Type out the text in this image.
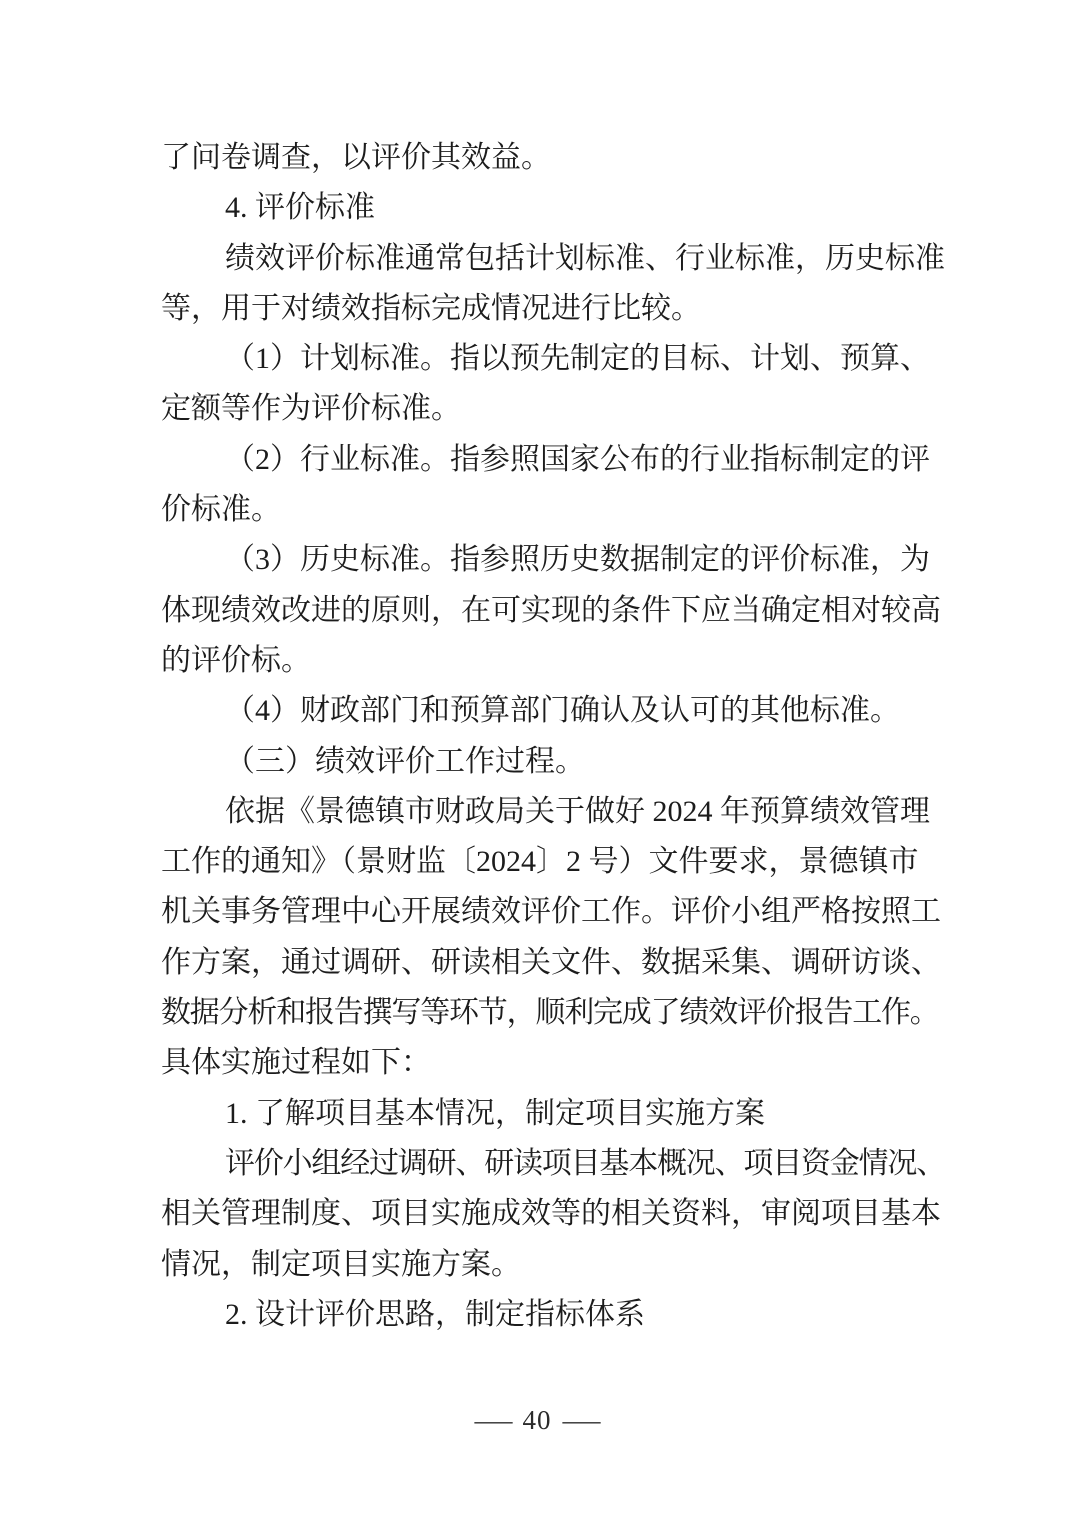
了问卷调查，以评价其效益。
4. 评价标准
绩效评价标准通常包括计划标准、行业标准，历史标准
等，用于对绩效指标完成情况进行比较。
（1）计划标准。指以预先制定的目标、计划、预算、
定额等作为评价标准。
（2）行业标准。指参照国家公布的行业指标制定的评
价标准。
（3）历史标准。指参照历史数据制定的评价标准，为
体现绩效改进的原则，在可实现的条件下应当确定相对较高
的评价标。
（4）财政部门和预算部门确认及认可的其他标准。
（三）绩效评价工作过程。
依据《景德镇市财政局关于做好 2024 年预算绩效管理
工作的通知》（景财监〔2024〕2 号）文件要求，景德镇市
机关事务管理中心开展绩效评价工作。评价小组严格按照工
作方案，通过调研、研读相关文件、数据采集、调研访谈、
数据分析和报告撰写等环节，顺利完成了绩效评价报告工作。
具体实施过程如下：
1. 了解项目基本情况，制定项目实施方案
评价小组经过调研、研读项目基本概况、项目资金情况、
相关管理制度、项目实施成效等的相关资料，审阅项目基本
情况，制定项目实施方案。
2. 设计评价思路，制定指标体系
— 40 —
